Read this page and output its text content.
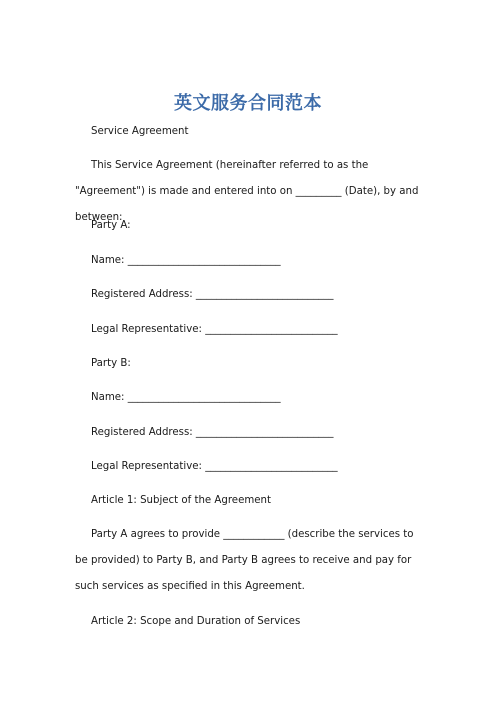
英文服务合同范本

Service Agreement

This Service Agreement (hereinafter referred to as the "Agreement") is made and entered into on _________ (Date), by and between:

Party A:

Name: ______________________________

Registered Address: ___________________________

Legal Representative: __________________________

Party B:

Name: ______________________________

Registered Address: ___________________________

Legal Representative: __________________________

Article 1: Subject of the Agreement

Party A agrees to provide ____________ (describe the services to be provided) to Party B, and Party B agrees to receive and pay for such services as specified in this Agreement.

Article 2: Scope and Duration of Services
